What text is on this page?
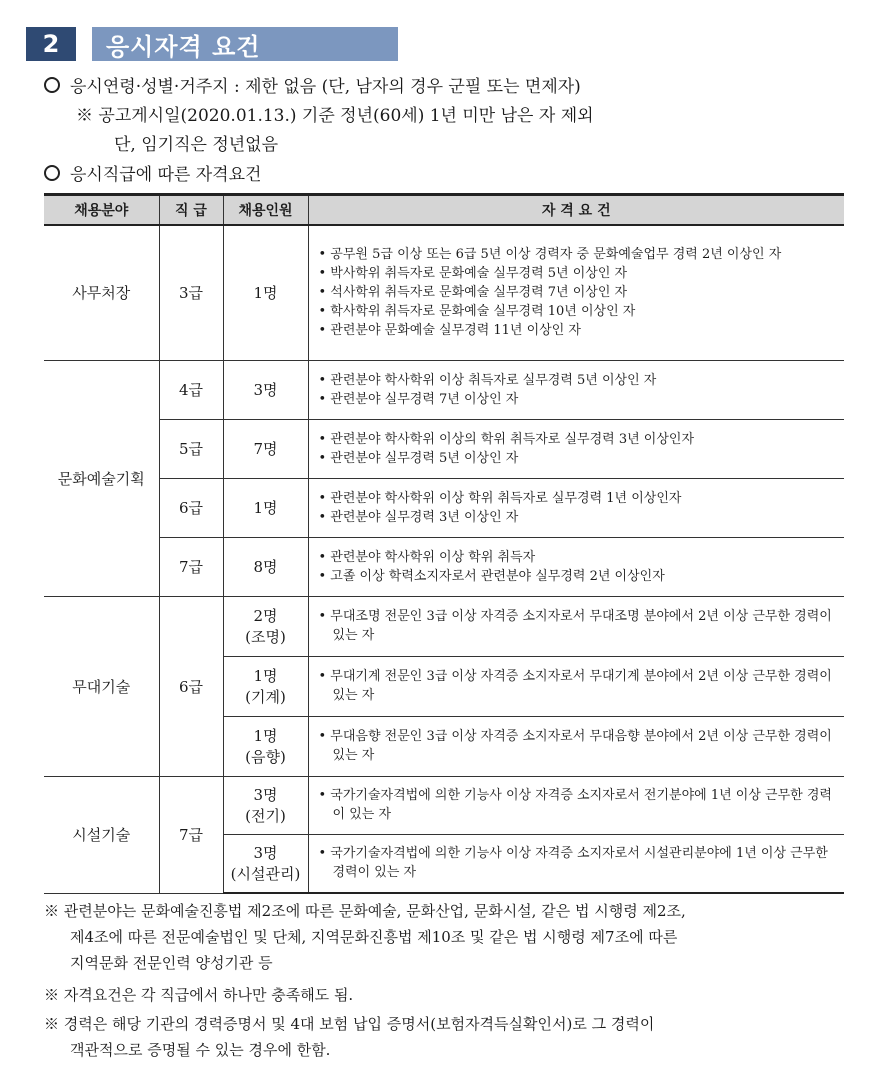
2	응시자격 요건
응시연령·성별·거주지 : 제한 없음 (단, 남자의 경우 군필 또는 면제자)
※ 공고게시일(2020.01.13.) 기준 정년(60세) 1년 미만 남은 자 제외
단, 임기직은 정년없음
응시직급에 따른 자격요건
채용분야	직 급	채용인원	자 격 요 건
사무처장	3급	1명	• 공무원 5급 이상 또는 6급 5년 이상 경력자 중 문화예술업무 경력 2년 이상인 자
• 박사학위 취득자로 문화예술 실무경력 5년 이상인 자
• 석사학위 취득자로 문화예술 실무경력 7년 이상인 자
• 학사학위 취득자로 문화예술 실무경력 10년 이상인 자
• 관련분야 문화예술 실무경력 11년 이상인 자

문화예술기획	4급	3명	• 관련분야 학사학위 이상 취득자로 실무경력 5년 이상인 자
• 관련분야 실무경력 7년 이상인 자

	5급	7명	• 관련분야 학사학위 이상의 학위 취득자로 실무경력 3년 이상인자
• 관련분야 실무경력 5년 이상인 자

	6급	1명	• 관련분야 학사학위 이상 학위 취득자로 실무경력 1년 이상인자
• 관련분야 실무경력 3년 이상인 자

	7급	8명	• 관련분야 학사학위 이상 학위 취득자
• 고졸 이상 학력소지자로서 관련분야 실무경력 2년 이상인자

무대기술	6급	2명
(조명)	• 무대조명 전문인 3급 이상 자격증 소지자로서 무대조명 분야에서 2년 이상 근무한 경력이 있는 자

		1명
(기계)	• 무대기계 전문인 3급 이상 자격증 소지자로서 무대기계 분야에서 2년 이상 근무한 경력이 있는 자

		1명
(음향)	• 무대음향 전문인 3급 이상 자격증 소지자로서 무대음향 분야에서 2년 이상 근무한 경력이 있는 자

시설기술	7급	3명
(전기)	• 국가기술자격법에 의한 기능사 이상 자격증 소지자로서 전기분야에 1년 이상 근무한 경력이 있는 자

		3명
(시설관리)	• 국가기술자격법에 의한 기능사 이상 자격증 소지자로서 시설관리분야에 1년 이상 근무한 경력이 있는 자
※ 관련분야는 문화예술진흥법 제2조에 따른 문화예술, 문화산업, 문화시설, 같은 법 시행령 제2조,
제4조에 따른 전문예술법인 및 단체, 지역문화진흥법 제10조 및 같은 법 시행령 제7조에 따른
지역문화 전문인력 양성기관 등
※ 자격요건은 각 직급에서 하나만 충족해도 됨.
※ 경력은 해당 기관의 경력증명서 및 4대 보험 납입 증명서(보험자격득실확인서)로 그 경력이
객관적으로 증명될 수 있는 경우에 한함.
